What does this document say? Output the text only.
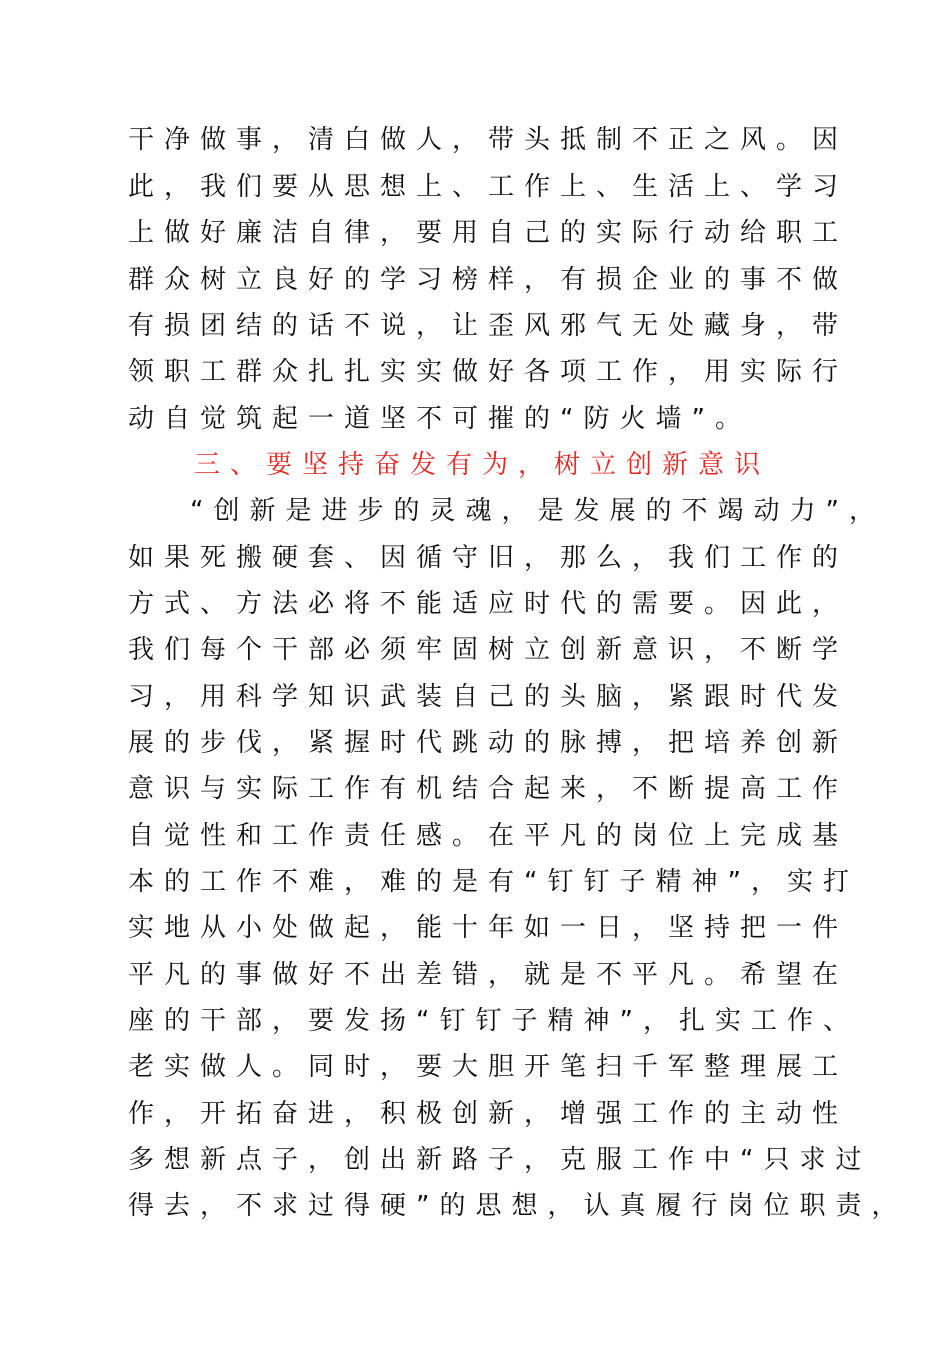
干净做事，清白做人，带头抵制不正之风。因
此，我们要从思想上、工作上、生活上、学习
上做好廉洁自律，要用自己的实际行动给职工
群众树立良好的学习榜样，有损企业的事不做
有损团结的话不说，让歪风邪气无处藏身，带
领职工群众扎扎实实做好各项工作，用实际行
动自觉筑起一道坚不可摧的“防火墙”。
三、要坚持奋发有为，树立创新意识
“创新是进步的灵魂，是发展的不竭动力”，
如果死搬硬套、因循守旧，那么，我们工作的
方式、方法必将不能适应时代的需要。因此，
我们每个干部必须牢固树立创新意识，不断学
习，用科学知识武装自己的头脑，紧跟时代发
展的步伐，紧握时代跳动的脉搏，把培养创新
意识与实际工作有机结合起来，不断提高工作
自觉性和工作责任感。在平凡的岗位上完成基
本的工作不难，难的是有“钉钉子精神”，实打
实地从小处做起，能十年如一日，坚持把一件
平凡的事做好不出差错，就是不平凡。希望在
座的干部，要发扬“钉钉子精神”，扎实工作、
老实做人。同时，要大胆开笔扫千军整理展工
作，开拓奋进，积极创新，增强工作的主动性
多想新点子，创出新路子，克服工作中“只求过
得去，不求过得硬”的思想，认真履行岗位职责，
